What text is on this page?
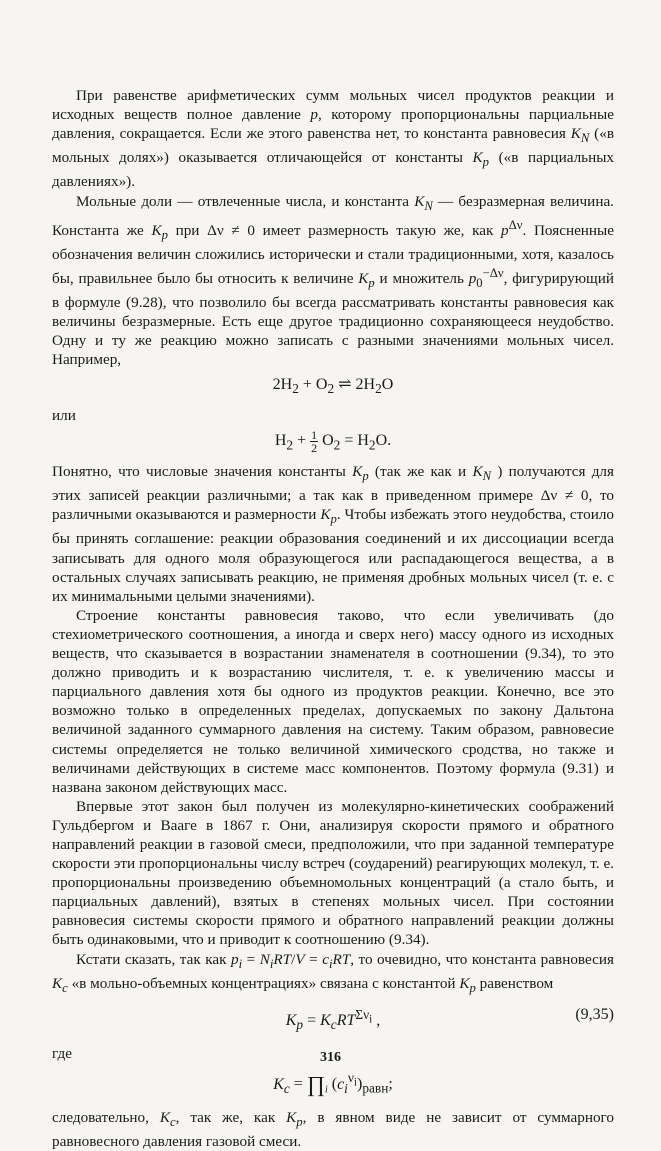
При равенстве арифметических сумм мольных чисел продуктов реакции и исходных веществ полное давление p, которому пропорциональны парциальные давления, сокращается. Если же этого равенства нет, то константа равновесия $K_N$ («в мольных долях») оказывается отличающейся от константы $K_p$ («в парциальных давлениях»).

Мольные доли — отвлеченные числа, и константа $K_N$ — безразмерная величина. Константа же $K_p$ при Δν ≠ 0 имеет размерность такую же, как $p^{\Delta\nu}$. Поясненные обозначения величин сложились исторически и стали традиционными, хотя, казалось бы, правильнее было бы относить к величине $K_p$ и множитель $p_0^{-\Delta\nu}$, фигурирующий в формуле (9.28), что позволило бы всегда рассматривать константы равновесия как величины безразмерные. Есть еще другое традиционно сохраняющееся неудобство. Одну и ту же реакцию можно записать с разными значениями мольных чисел. Например,

$2H_2 + O_2$ ⇌ $2H_2O$

или

$H_2 + \frac{1}{2} O_2 = H_2O$.

Понятно, что числовые значения константы $K_p$ (так же как и $K_N$ ) получаются для этих записей реакции различными; а так как в приведенном примере Δν ≠ 0, то различными оказываются и размерности $K_p$. Чтобы избежать этого неудобства, стоило бы принять соглашение: реакции образования соединений и их диссоциации всегда записывать для одного моля образующегося или распадающегося вещества, а в остальных случаях записывать реакцию, не применяя дробных мольных чисел (т. е. с их минимальными целыми значениями).

Строение константы равновесия таково, что если увеличивать (до стехиометрического соотношения, а иногда и сверх него) массу одного из исходных веществ, что сказывается в возрастании знаменателя в соотношении (9.34), то это должно приводить и к возрастанию числителя, т. е. к увеличению массы и парциального давления хотя бы одного из продуктов реакции. Конечно, все это возможно только в определенных пределах, допускаемых по закону Дальтона величиной заданного суммарного давления на систему. Таким образом, равновесие системы определяется не только величиной химического сродства, но также и величинами действующих в системе масс компонентов. Поэтому формула (9.31) и названа законом действующих масс.

Впервые этот закон был получен из молекулярно-кинетических соображений Гульдбергом и Вааге в 1867 г. Они, анализируя скорости прямого и обратного направлений реакции в газовой смеси, предположили, что при заданной температуре скорости эти пропорциональны числу встреч (соударений) реагирующих молекул, т. е. пропорциональны произведению объемномольных концентраций (а стало быть, и парциальных давлений), взятых в степенях мольных чисел. При состоянии равновесия системы скорости прямого и обратного направлений реакции должны быть одинаковыми, что и приводит к соотношению (9.34).

Кстати сказать, так как $p_i = N_iRT/V = c_iRT$, то очевидно, что константа равновесия $K_c$ «в мольно-объемных концентрациях» связана с константой $K_p$ равенством

$K_p = K_cRT^{\Sigma\nu_i}$ ,	(9,35)

где

$K_c$ = $\prod_i$ $(c_i^{\nu_i})_{равн}$;

следовательно, $K_c$, так же, как $K_p$, в явном виде не зависит от суммарного равновесного давления газовой смеси.

316
